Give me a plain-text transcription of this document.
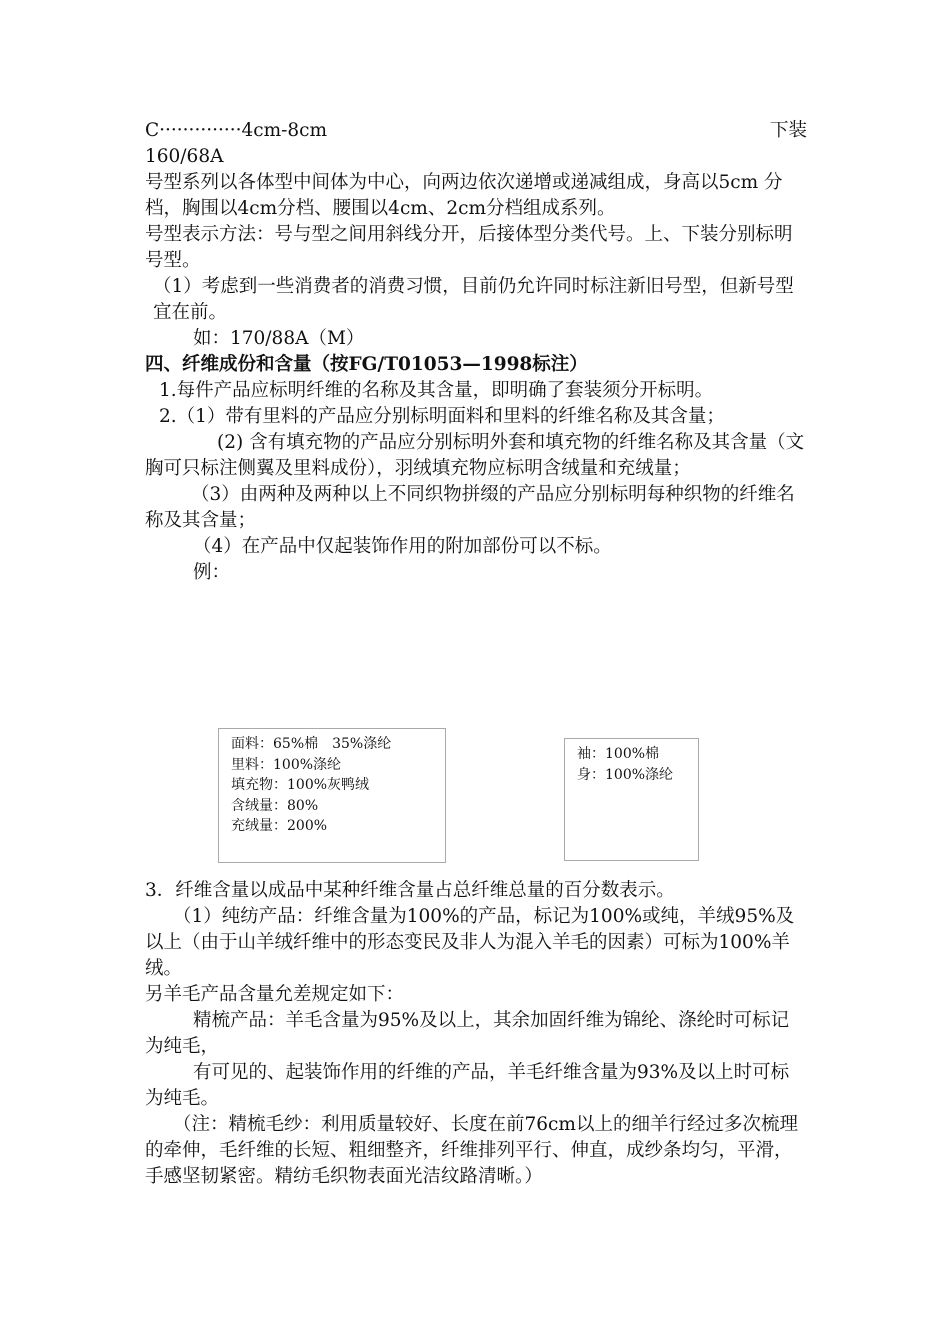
C··············4cm-8cm	下装

160/68A

号型系列以各体型中间体为中心，向两边依次递增或递减组成，身高以5cm 分档，胸围以4cm分档、腰围以4cm、2cm分档组成系列。

号型表示方法：号与型之间用斜线分开，后接体型分类代号。上、下装分别标明号型。

（1）考虑到一些消费者的消费习惯，目前仍允许同时标注新旧号型，但新号型宜在前。

如：170/88A（M）

四、纤维成份和含量（按FG/T01053—1998标注）

1.每件产品应标明纤维的名称及其含量，即明确了套装须分开标明。

2.（1）带有里料的产品应分别标明面料和里料的纤维名称及其含量；

(2) 含有填充物的产品应分别标明外套和填充物的纤维名称及其含量（文胸可只标注侧翼及里料成份），羽绒填充物应标明含绒量和充绒量；

（3）由两种及两种以上不同织物拼缀的产品应分别标明每种织物的纤维名称及其含量；

（4）在产品中仅起装饰作用的附加部份可以不标。

例：

面料：65%棉　35%涤纶
里料：100%涤纶
填充物：100%灰鸭绒
含绒量：80%
充绒量：200%
袖：100%棉
身：100%涤纶

3．纤维含量以成品中某种纤维含量占总纤维总量的百分数表示。

（1）纯纺产品：纤维含量为100%的产品，标记为100%或纯，羊绒95%及以上（由于山羊绒纤维中的形态变民及非人为混入羊毛的因素）可标为100%羊绒。

另羊毛产品含量允差规定如下：

精梳产品：羊毛含量为95%及以上，其余加固纤维为锦纶、涤纶时可标记为纯毛，

有可见的、起装饰作用的纤维的产品，羊毛纤维含量为93%及以上时可标为纯毛。

（注：精梳毛纱：利用质量较好、长度在前76cm以上的细羊行经过多次梳理的牵伸，毛纤维的长短、粗细整齐，纤维排列平行、伸直，成纱条均匀，平滑，手感坚韧紧密。精纺毛织物表面光洁纹路清晰。）
